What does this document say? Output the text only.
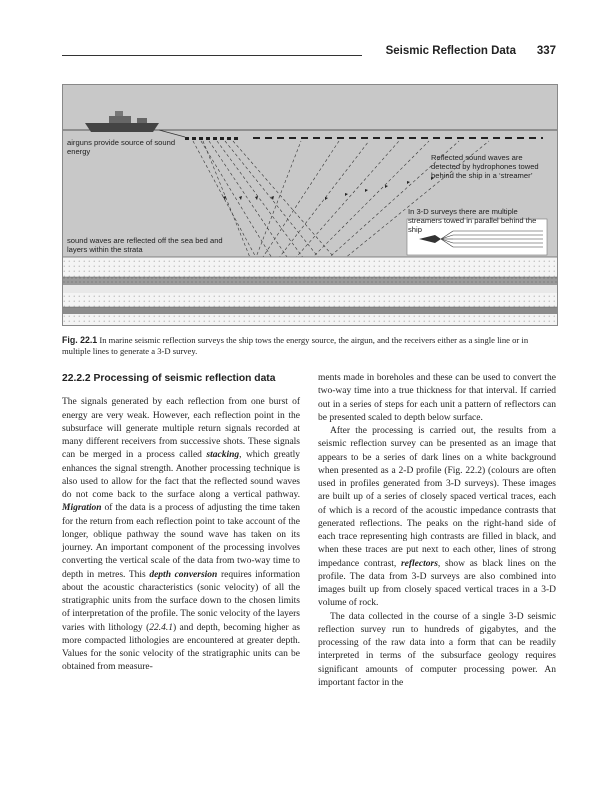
Seismic Reflection Data 337
airguns provide source of sound energy
Reflected sound waves are detected by hydrophones towed behind the ship in a ‘streamer’
In 3-D surveys there are multiple streamers towed in parallel behind the ship
sound waves are reflected off the sea bed and layers within the strata
Fig. 22.1 In marine seismic reflection surveys the ship tows the energy source, the airgun, and the receivers either as a single line or in multiple lines to generate a 3-D survey.
22.2.2 Processing of seismic reflection data

The signals generated by each reflection from one burst of energy are very weak. However, each reflection point in the subsurface will generate multiple return signals recorded at many different receivers from successive shots. These signals can be merged in a process called stacking, which greatly enhances the signal strength. Another processing technique is also used to allow for the fact that the reflected sound waves do not come back to the surface along a vertical pathway. Migration of the data is a process of adjusting the time taken for the return from each reflection point to take account of the longer, oblique pathway the sound wave has taken on its journey. An important component of the processing involves converting the vertical scale of the data from two-way time to depth in metres. This depth conversion requires information about the acoustic characteristics (sonic velocity) of all the stratigraphic units from the surface down to the chosen limits of interpretation of the profile. The sonic velocity of the layers varies with lithology (22.4.1) and depth, becoming higher as more compacted lithologies are encountered at greater depth. Values for the sonic velocity of the stratigraphic units can be obtained from measure-

ments made in boreholes and these can be used to convert the two-way time into a true thickness for that interval. If carried out in a series of steps for each unit a pattern of reflectors can be presented scaled to depth below surface.

After the processing is carried out, the results from a seismic reflection survey can be presented as an image that appears to be a series of dark lines on a white background when presented as a 2-D profile (Fig. 22.2) (colours are often used in profiles generated from 3-D surveys). These images are built up of a series of closely spaced vertical traces, each of which is a record of the acoustic impedance contrasts that generated reflections. The peaks on the right-hand side of each trace representing high contrasts are filled in black, and when these traces are put next to each other, lines of strong impedance contrast, reflectors, show as black lines on the profile. The data from 3-D surveys are also combined into images built up from closely spaced vertical traces in a 3-D volume of rock.

The data collected in the course of a single 3-D seismic reflection survey run to hundreds of gigabytes, and the processing of the raw data into a form that can be readily interpreted in terms of the subsurface geology requires significant amounts of computer processing power. An important factor in the
